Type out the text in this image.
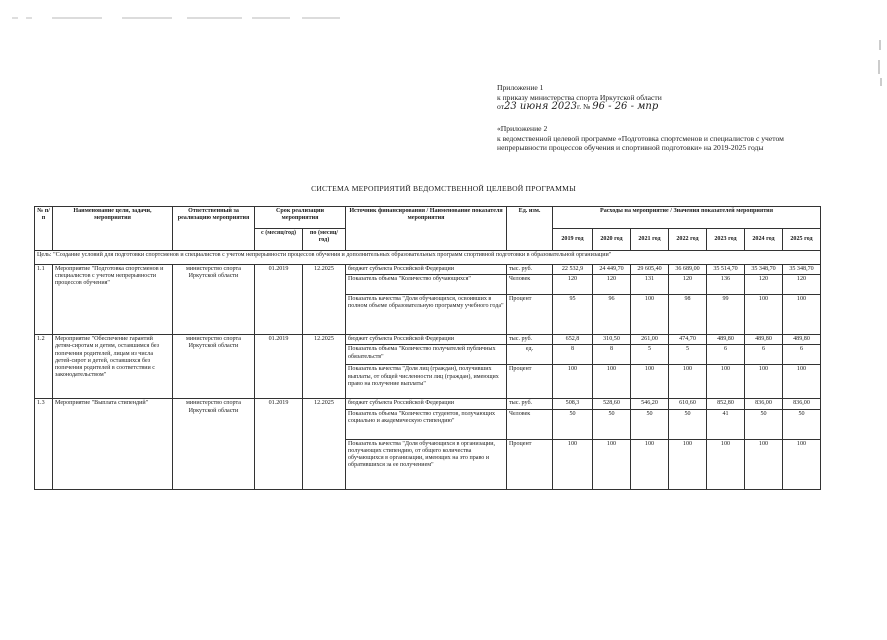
Приложение 1

к приказу министерства спорта Иркутской области

от23 июня 2023г. № 96 - 26 - мпр

«Приложение 2

к ведомственной целевой программе «Подготовка спортсменов и специалистов с учетом непрерывности процессов обучения и спортивной подготовки» на 2019-2025 годы

СИСТЕМА МЕРОПРИЯТИЙ ВЕДОМСТВЕННОЙ ЦЕЛЕВОЙ ПРОГРАММЫ
№ п/п	Наименование цели, задачи, мероприятия	Ответственный за реализацию мероприятия	Срок реализации мероприятия		Источник финансирования / Наименование показателя мероприятия	Ед. изм.	Расходы на мероприятие / Значения показателей мероприятия						
			с (месяц/год)	по (месяц/год)			2019 год	2020 год	2021 год	2022 год	2023 год	2024 год	2025 год
Цель: "Создание условий для подготовки спортсменов и специалистов с учетом непрерывности процессов обучения и дополнительных образовательных программ спортивной подготовки в образовательной организации"													
1.1	Мероприятие "Подготовка спортсменов и специалистов с учетом непрерывности процессов обучения"	министерство спорта Иркутской области	01.2019	12.2025	бюджет субъекта Российской Федерации	тыс. руб.	22 532,9	24 449,70	29 605,40	36 689,00	35 514,70	35 348,70	35 348,70
					Показатель объема "Количество обучающихся"	Человек	120	120	131	120	136	120	120
					Показатель качества "Доля обучающихся, освоивших в полном объеме образовательную программу учебного года"	Процент	95	96	100	98	99	100	100
1.2	Мероприятие "Обеспечение гарантий детям-сиротам и детям, оставшимся без попечения родителей, лицам из числа детей-сирот и детей, оставшихся без попечения родителей в соответствии с законодательством"	министерство спорта Иркутской области	01.2019	12.2025	бюджет субъекта Российской Федерации	тыс. руб.	652,8	310,50	261,00	474,70	489,80	489,80	489,80
					Показатель объема "Количество получателей публичных обязательств"	ед.	8	8	5	5	6	6	6
					Показатель качества "Доля лиц (граждан), получивших выплаты, от общей численности лиц (граждан), имеющих право на получение выплаты"	Процент	100	100	100	100	100	100	100
1.3	Мероприятие "Выплата стипендий"	министерство спорта Иркутской области	01.2019	12.2025	бюджет субъекта Российской Федерации	тыс. руб.	508,3	528,60	546,20	610,60	852,80	836,00	836,00
					Показатель объема "Количество студентов, получающих социально и академическую стипендию"	Человек	50	50	50	50	41	50	50
					Показатель качества "Доля обучающихся в организации, получающих стипендию, от общего количества обучающихся в организации, имеющих на это право и обратившихся за ее получением"	Процент	100	100	100	100	100	100	100
